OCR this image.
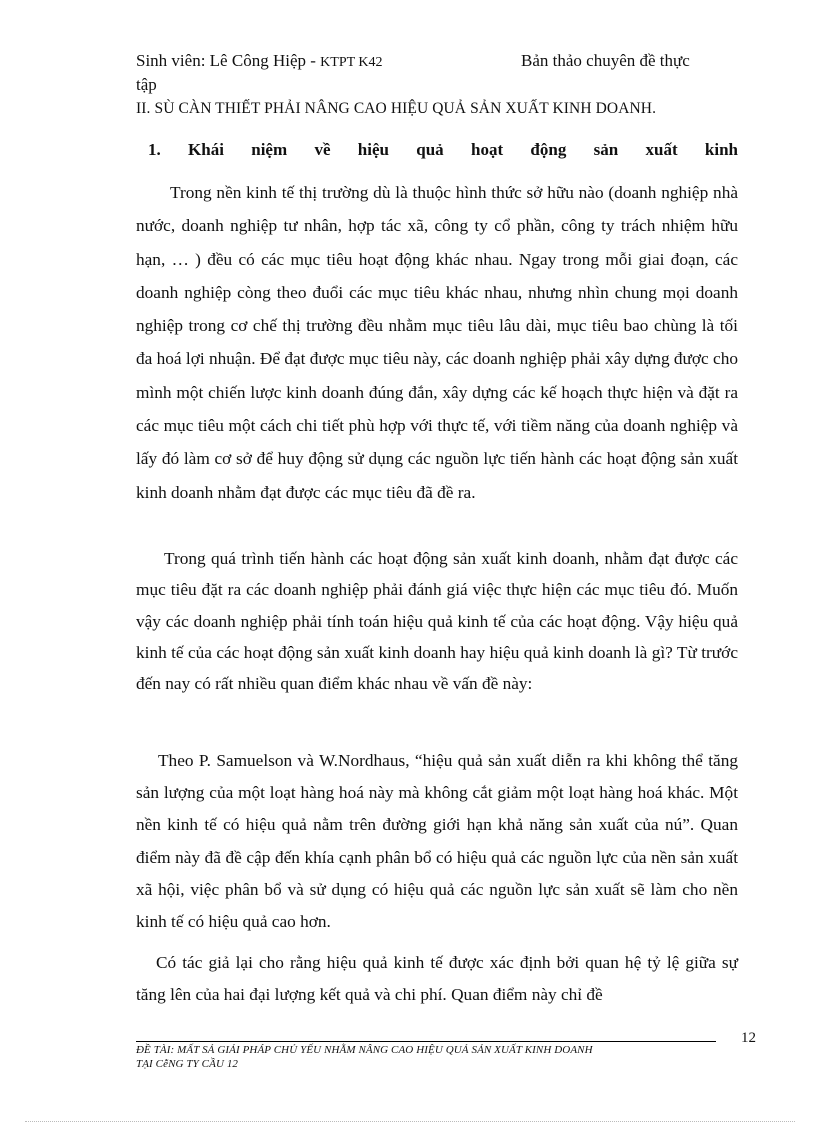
Sinh viên: Lê Công Hiệp - KTPT K42
tập
Bản thảo chuyên đề thực
II. SÙ CÀN THIẾT PHẢI NÂNG CAO HIỆU QUẢ SẢN XUẤT KINH DOANH.
1. Khái niệm về hiệu quả hoạt động sản xuất kinh

Trong nền kinh tế thị trường dù là thuộc hình thức sở hữu nào (doanh nghiệp nhà nước, doanh nghiệp tư nhân, hợp tác xã, công ty cổ phần, công ty trách nhiệm hữu hạn, … ) đều có các mục tiêu hoạt động khác nhau. Ngay trong mỗi giai đoạn, các doanh nghiệp còng theo đuổi các mục tiêu khác nhau, nhưng nhìn chung mọi doanh nghiệp trong cơ chế thị trường đều nhằm mục tiêu lâu dài, mục tiêu bao chùng là tối đa hoá lợi nhuận. Để đạt được mục tiêu này, các doanh nghiệp phải xây dựng được cho mình một chiến lược kinh doanh đúng đắn, xây dựng các kế hoạch thực hiện và đặt ra các mục tiêu một cách chi tiết phù hợp với thực tế, với tiềm năng của doanh nghiệp và lấy đó làm cơ sở để huy động sử dụng các nguồn lực tiến hành các hoạt động sản xuất kinh doanh nhằm đạt được các mục tiêu đã đề ra.

Trong quá trình tiến hành các hoạt động sản xuất kinh doanh, nhằm đạt được các mục tiêu đặt ra các doanh nghiệp phải đánh giá việc thực hiện các mục tiêu đó. Muốn vậy các doanh nghiệp phải tính toán hiệu quả kinh tế của các hoạt động. Vậy hiệu quả kinh tế của các hoạt động sản xuất kinh doanh hay hiệu quả kinh doanh là gì? Từ trước đến nay có rất nhiều quan điểm khác nhau về vấn đề này:

Theo P. Samuelson và W.Nordhaus, “hiệu quả sản xuất diễn ra khi không thể tăng sản lượng của một loạt hàng hoá này mà không cắt giảm một loạt hàng hoá khác. Một nền kinh tế có hiệu quả nằm trên đường giới hạn khả năng sản xuất của nú”. Quan điểm này đã đề cập đến khía cạnh phân bổ có hiệu quả các nguồn lực của nền sản xuất xã hội, việc phân bổ và sử dụng có hiệu quả các nguồn lực sản xuất sẽ làm cho nền kinh tế có hiệu quả cao hơn.

Có tác giả lại cho rằng hiệu quả kinh tế được xác định bởi quan hệ tỷ lệ giữa sự tăng lên của hai đại lượng kết quả và chi phí. Quan điểm này chỉ đề

12
ĐỀ TÀI: MẤT SẢ GIẢI PHÁP CHỦ YẾU NHẰM NÂNG CAO HIỆU QUẢ SẢN XUẤT KINH DOANH
TẠI CễNG TY CẦU 12
